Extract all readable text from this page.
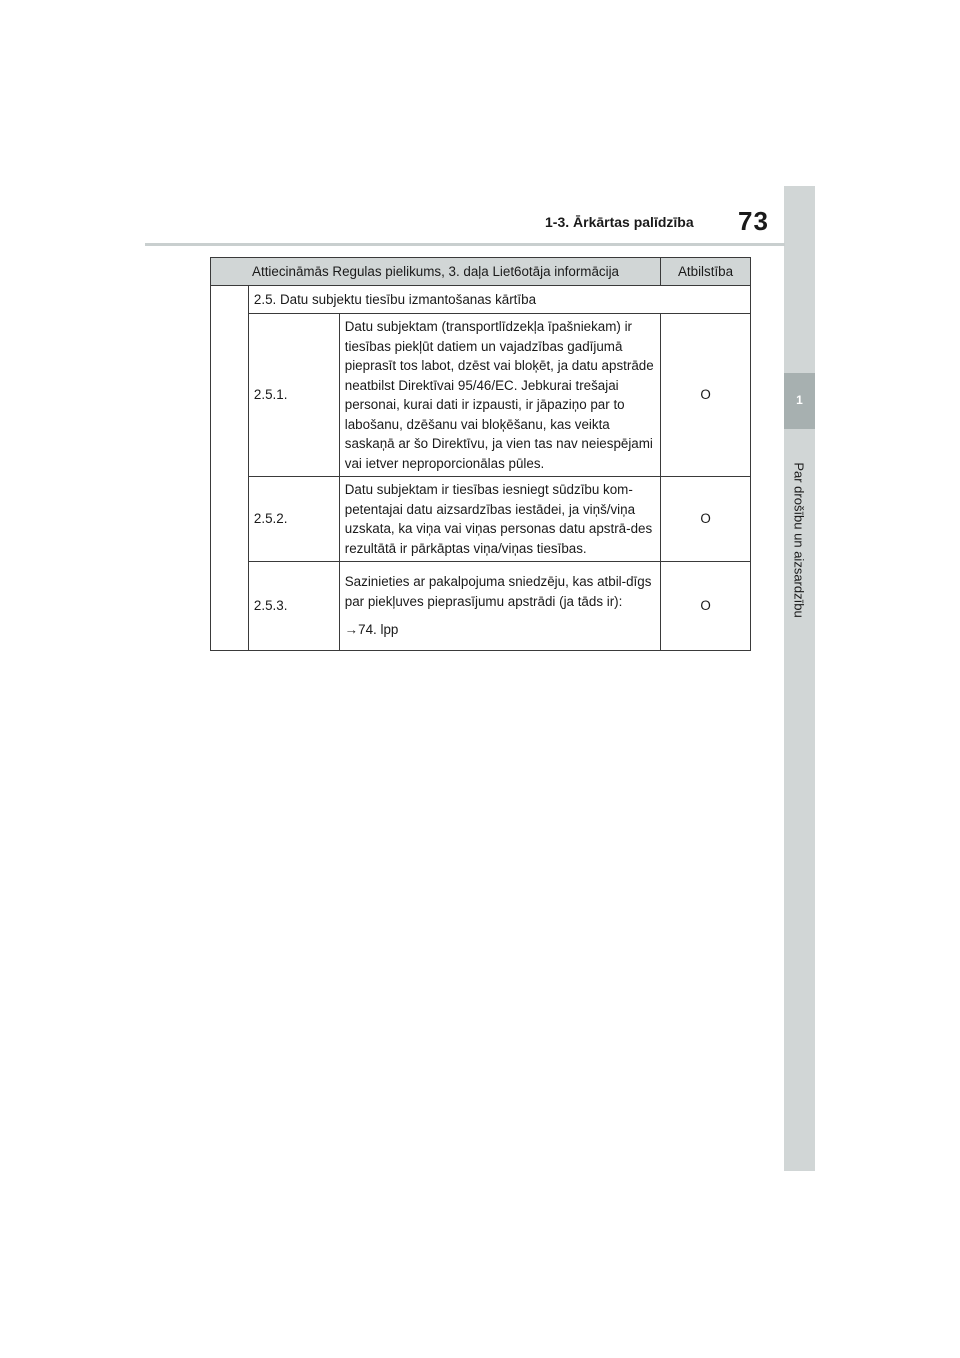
1
Par drošību un aizsardzību
1-3. Ārkārtas palīdzība 73
Attiecināmās Regulas pielikums, 3. daļa Liet6otāja informācija			Atbilstība
	2.5. Datu subjektu tiesību izmantošanas kārtība		
	2.5.1.	Datu subjektam (transportlīdzekļa īpašniekam) ir tiesības piekļūt datiem un vajadzības gadījumā pieprasīt tos labot, dzēst vai bloķēt, ja datu apstrāde neatbilst Direktīvai 95/46/EC. Jebkurai trešajai personai, kurai dati ir izpausti, ir jāpaziņo par to labošanu, dzēšanu vai bloķēšanu, kas veikta saskaņā ar šo Direktīvu, ja vien tas nav neiespējami vai ietver neproporcionālas pūles.	O
	2.5.2.	Datu subjektam ir tiesības iesniegt sūdzību kom-petentajai datu aizsardzības iestādei, ja viņš/viņa uzskata, ka viņa vai viņas personas datu apstrā-des rezultātā ir pārkāptas viņa/viņas tiesības.	O
	2.5.3.	Sazinieties ar pakalpojuma sniedzēju, kas atbil-dīgs par piekļuves pieprasījumu apstrādi (ja tāds ir):
→74. lpp	O
